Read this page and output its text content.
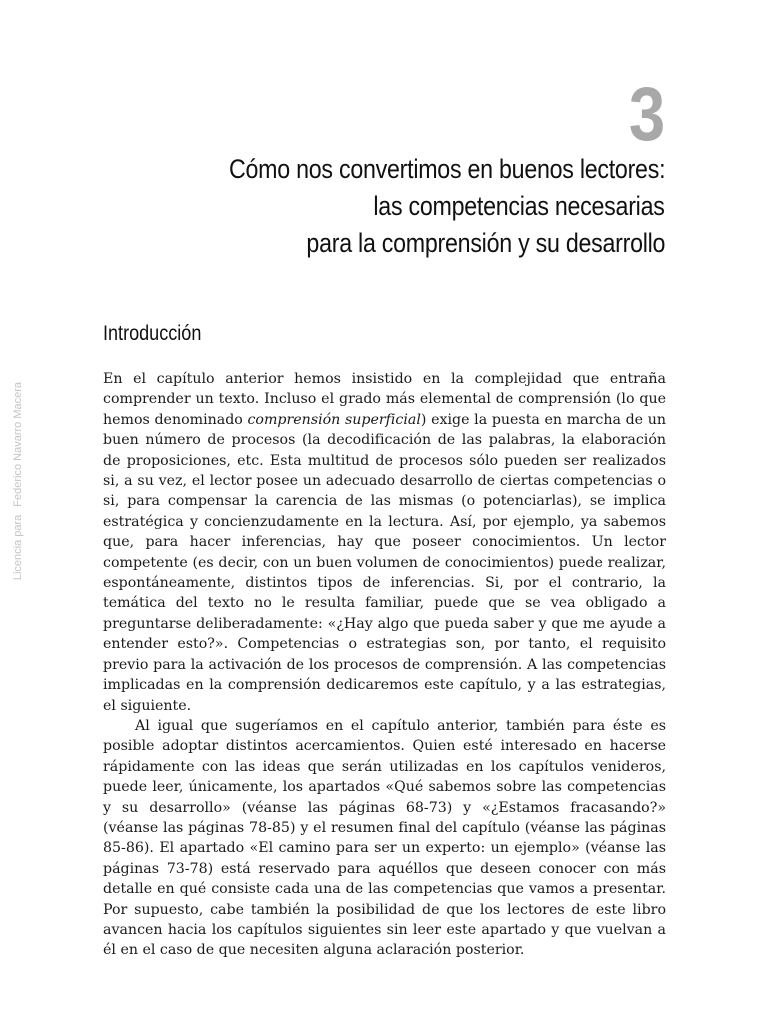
Licencia paraFederico Navarro Macera
3
Cómo nos convertimos en buenos lectores:
las competencias necesarias
para la comprensión y su desarrollo
Introducción

En el capítulo anterior hemos insistido en la complejidad que entraña comprender un texto. Incluso el grado más elemental de comprensión (lo que hemos denominado comprensión superficial) exige la puesta en marcha de un buen número de procesos (la decodificación de las palabras, la elaboración de proposiciones, etc. Esta multitud de procesos sólo pueden ser realizados si, a su vez, el lector posee un adecuado desarrollo de ciertas competencias o si, para compensar la carencia de las mismas (o potenciarlas), se implica estratégica y concienzudamente en la lectura. Así, por ejemplo, ya sabemos que, para hacer inferencias, hay que poseer conocimientos. Un lector competente (es decir, con un buen volumen de conocimientos) puede realizar, espontáneamente, distintos tipos de inferencias. Si, por el contrario, la temática del texto no le resulta familiar, puede que se vea obligado a preguntarse deliberadamente: «¿Hay algo que pueda saber y que me ayude a entender esto?». Competencias o estrategias son, por tanto, el requisito previo para la activación de los procesos de comprensión. A las competencias implicadas en la comprensión dedicaremos este capítulo, y a las estrategias, el siguiente.

Al igual que sugeríamos en el capítulo anterior, también para éste es posible adoptar distintos acercamientos. Quien esté interesado en hacerse rápidamente con las ideas que serán utilizadas en los capítulos venideros, puede leer, únicamente, los apartados «Qué sabemos sobre las competencias y su desarrollo» (véanse las páginas 68-73) y «¿Estamos fracasando?» (véanse las páginas 78-85) y el resumen final del capítulo (véanse las páginas 85-86). El apartado «El camino para ser un experto: un ejemplo» (véanse las páginas 73-78) está reservado para aquéllos que deseen conocer con más detalle en qué consiste cada una de las competencias que vamos a presentar. Por supuesto, cabe también la posibilidad de que los lectores de este libro avancen hacia los capítulos siguientes sin leer este apartado y que vuelvan a él en el caso de que necesiten alguna aclaración posterior.
